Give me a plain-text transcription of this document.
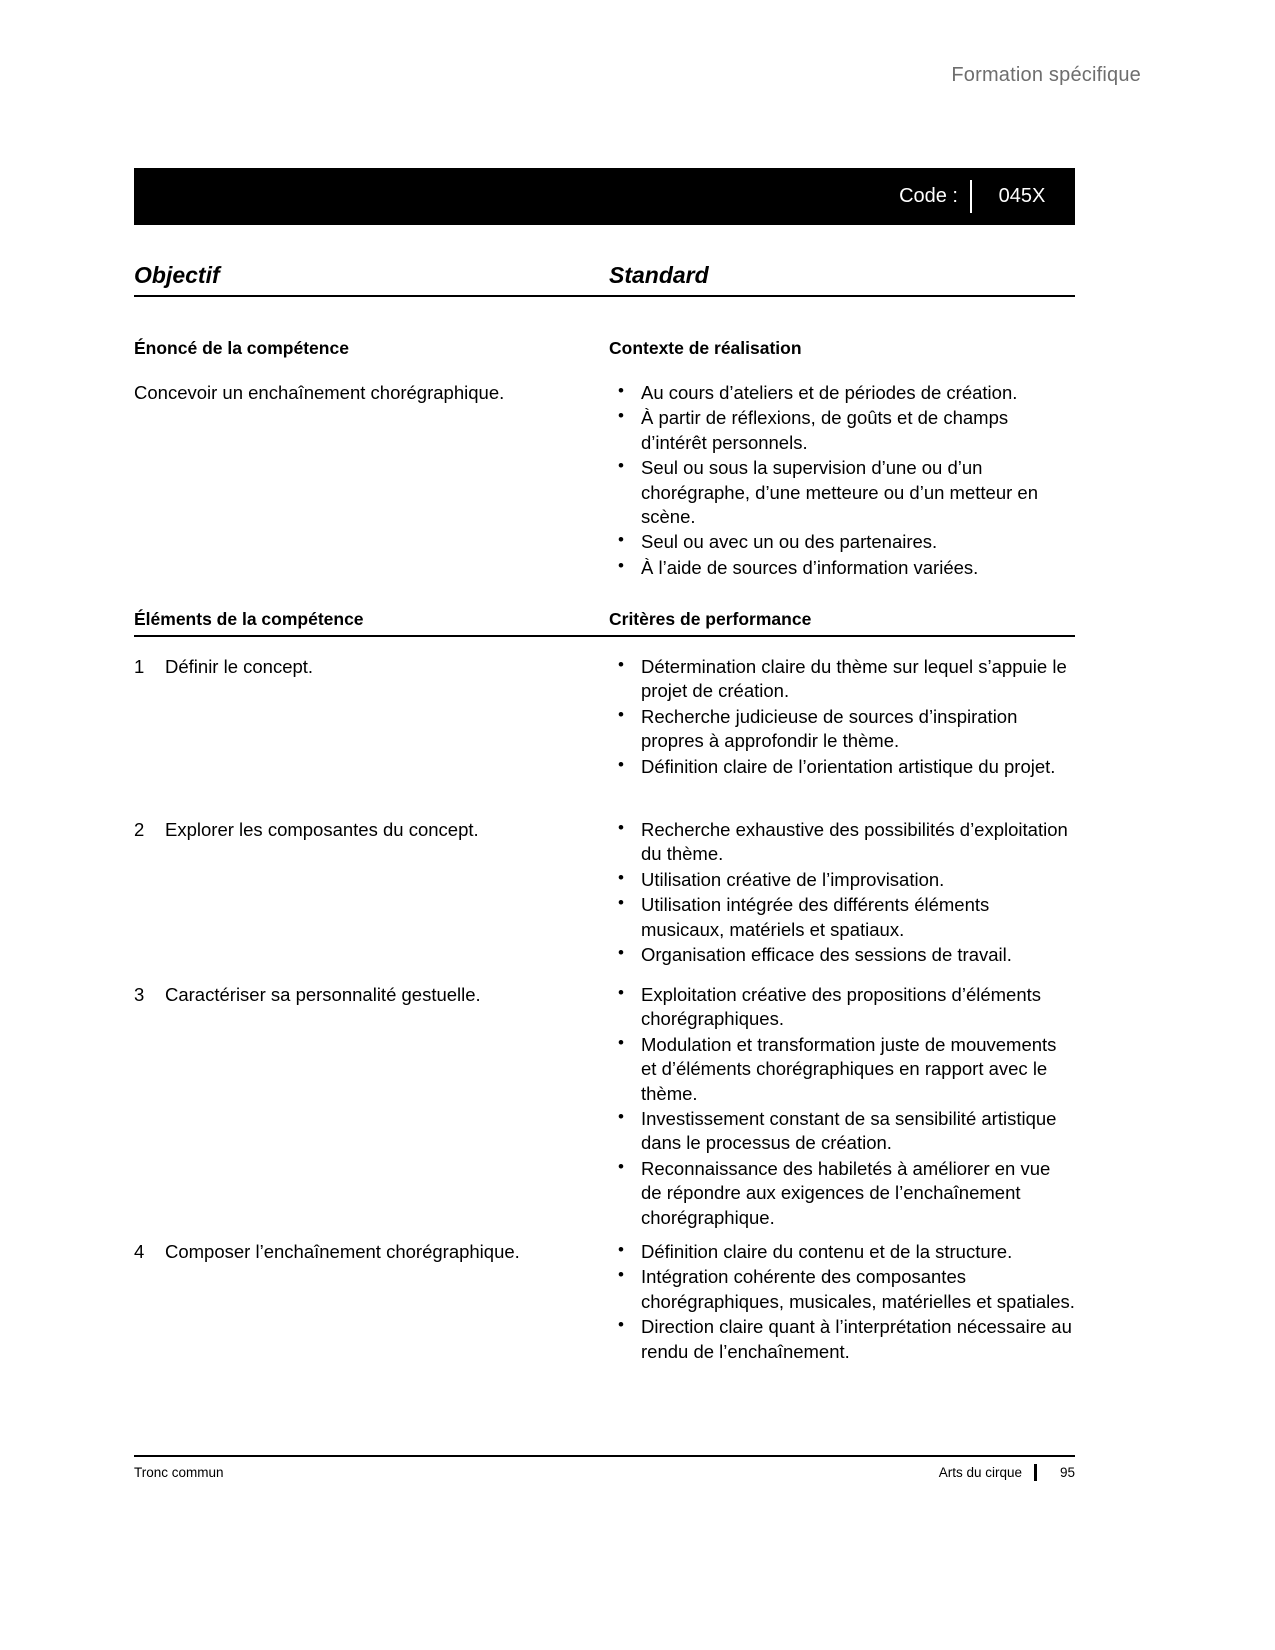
Formation spécifique
Code :	045X
Objectif	Standard
Énoncé de la compétence	Contexte de réalisation
Concevoir un enchaînement chorégraphique.	• Au cours d’ateliers et de périodes de création.
• À partir de réflexions, de goûts et de champs d’intérêt personnels.
• Seul ou sous la supervision d’une ou d’un chorégraphe, d’une metteure ou d’un metteur en scène.
• Seul ou avec un ou des partenaires.
• À l’aide de sources d’information variées.
Éléments de la compétence	Critères de performance
1	Définir le concept.	• Détermination claire du thème sur lequel s’appuie le projet de création.
• Recherche judicieuse de sources d’inspiration propres à approfondir le thème.
• Définition claire de l’orientation artistique du projet.
2	Explorer les composantes du concept.	• Recherche exhaustive des possibilités d’exploitation du thème.
• Utilisation créative de l’improvisation.
• Utilisation intégrée des différents éléments musicaux, matériels et spatiaux.
• Organisation efficace des sessions de travail.
3	Caractériser sa personnalité gestuelle.	• Exploitation créative des propositions d’éléments chorégraphiques.
• Modulation et transformation juste de mouvements et d’éléments chorégraphiques en rapport avec le thème.
• Investissement constant de sa sensibilité artistique dans le processus de création.
• Reconnaissance des habiletés à améliorer en vue de répondre aux exigences de l’enchaînement chorégraphique.
4	Composer l’enchaînement chorégraphique.	• Définition claire du contenu et de la structure.
• Intégration cohérente des composantes chorégraphiques, musicales, matérielles et spatiales.
• Direction claire quant à l’interprétation nécessaire au rendu de l’enchaînement.
Tronc commun	Arts du cirque	95
